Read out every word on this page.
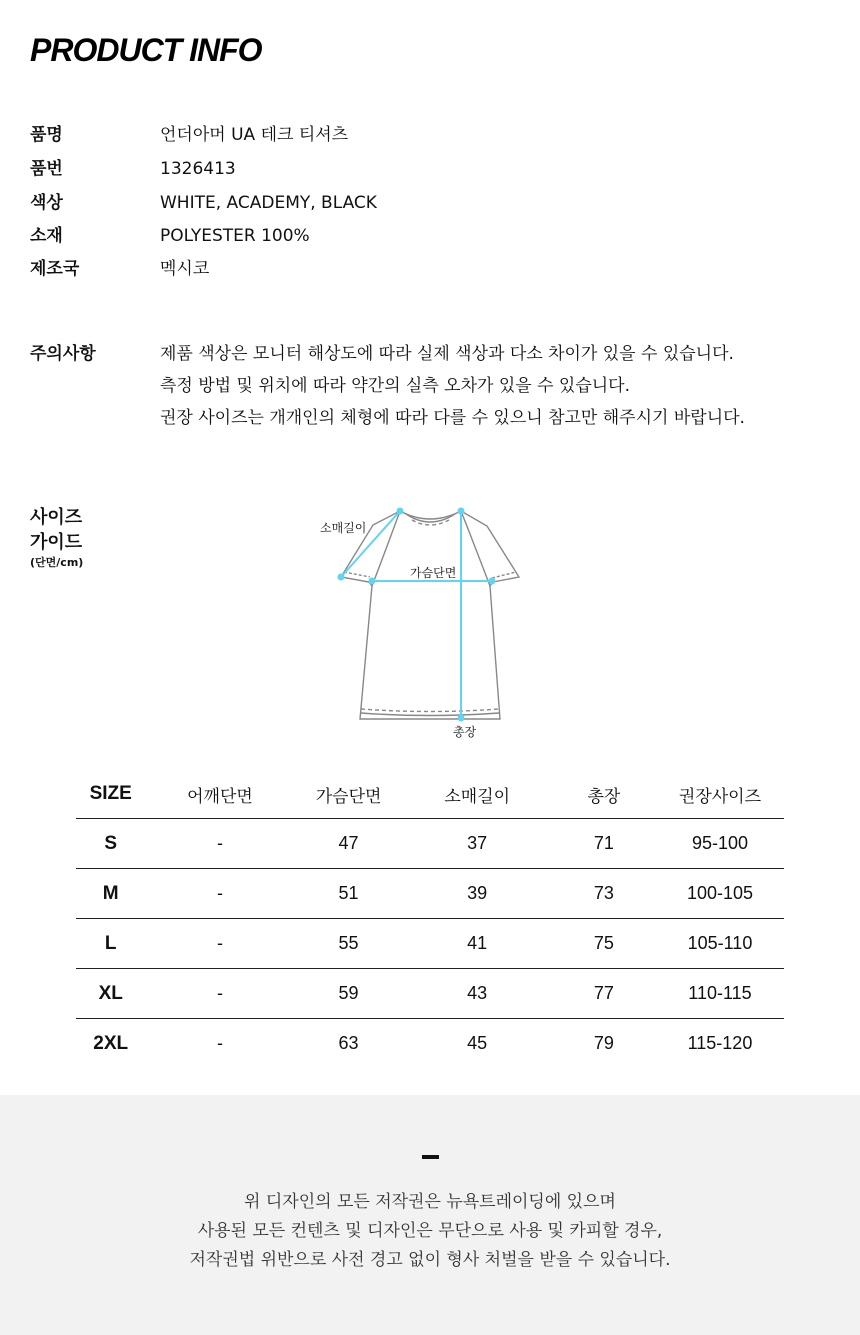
PRODUCT INFO
품명	언더아머 UA 테크 티셔츠
품번	1326413
색상	WHITE, ACADEMY, BLACK
소재	POLYESTER 100%
제조국	멕시코
주의사항	제품 색상은 모니터 해상도에 따라 실제 색상과 다소 차이가 있을 수 있습니다.
측정 방법 및 위치에 따라 약간의 실측 오차가 있을 수 있습니다.
권장 사이즈는 개개인의 체형에 따라 다를 수 있으니 참고만 해주시기 바랍니다.
사이즈
가이드
(단면/cm)
소매길이
가슴단면
총장
SIZE	어깨단면	가슴단면	소매길이	총장	권장사이즈
S	-	47	37	71	95-100
M	-	51	39	73	100-105
L	-	55	41	75	105-110
XL	-	59	43	77	110-115
2XL	-	63	45	79	115-120
위 디자인의 모든 저작권은 뉴욕트레이딩에 있으며
사용된 모든 컨텐츠 및 디자인은 무단으로 사용 및 카피할 경우,
저작권법 위반으로 사전 경고 없이 형사 처벌을 받을 수 있습니다.
